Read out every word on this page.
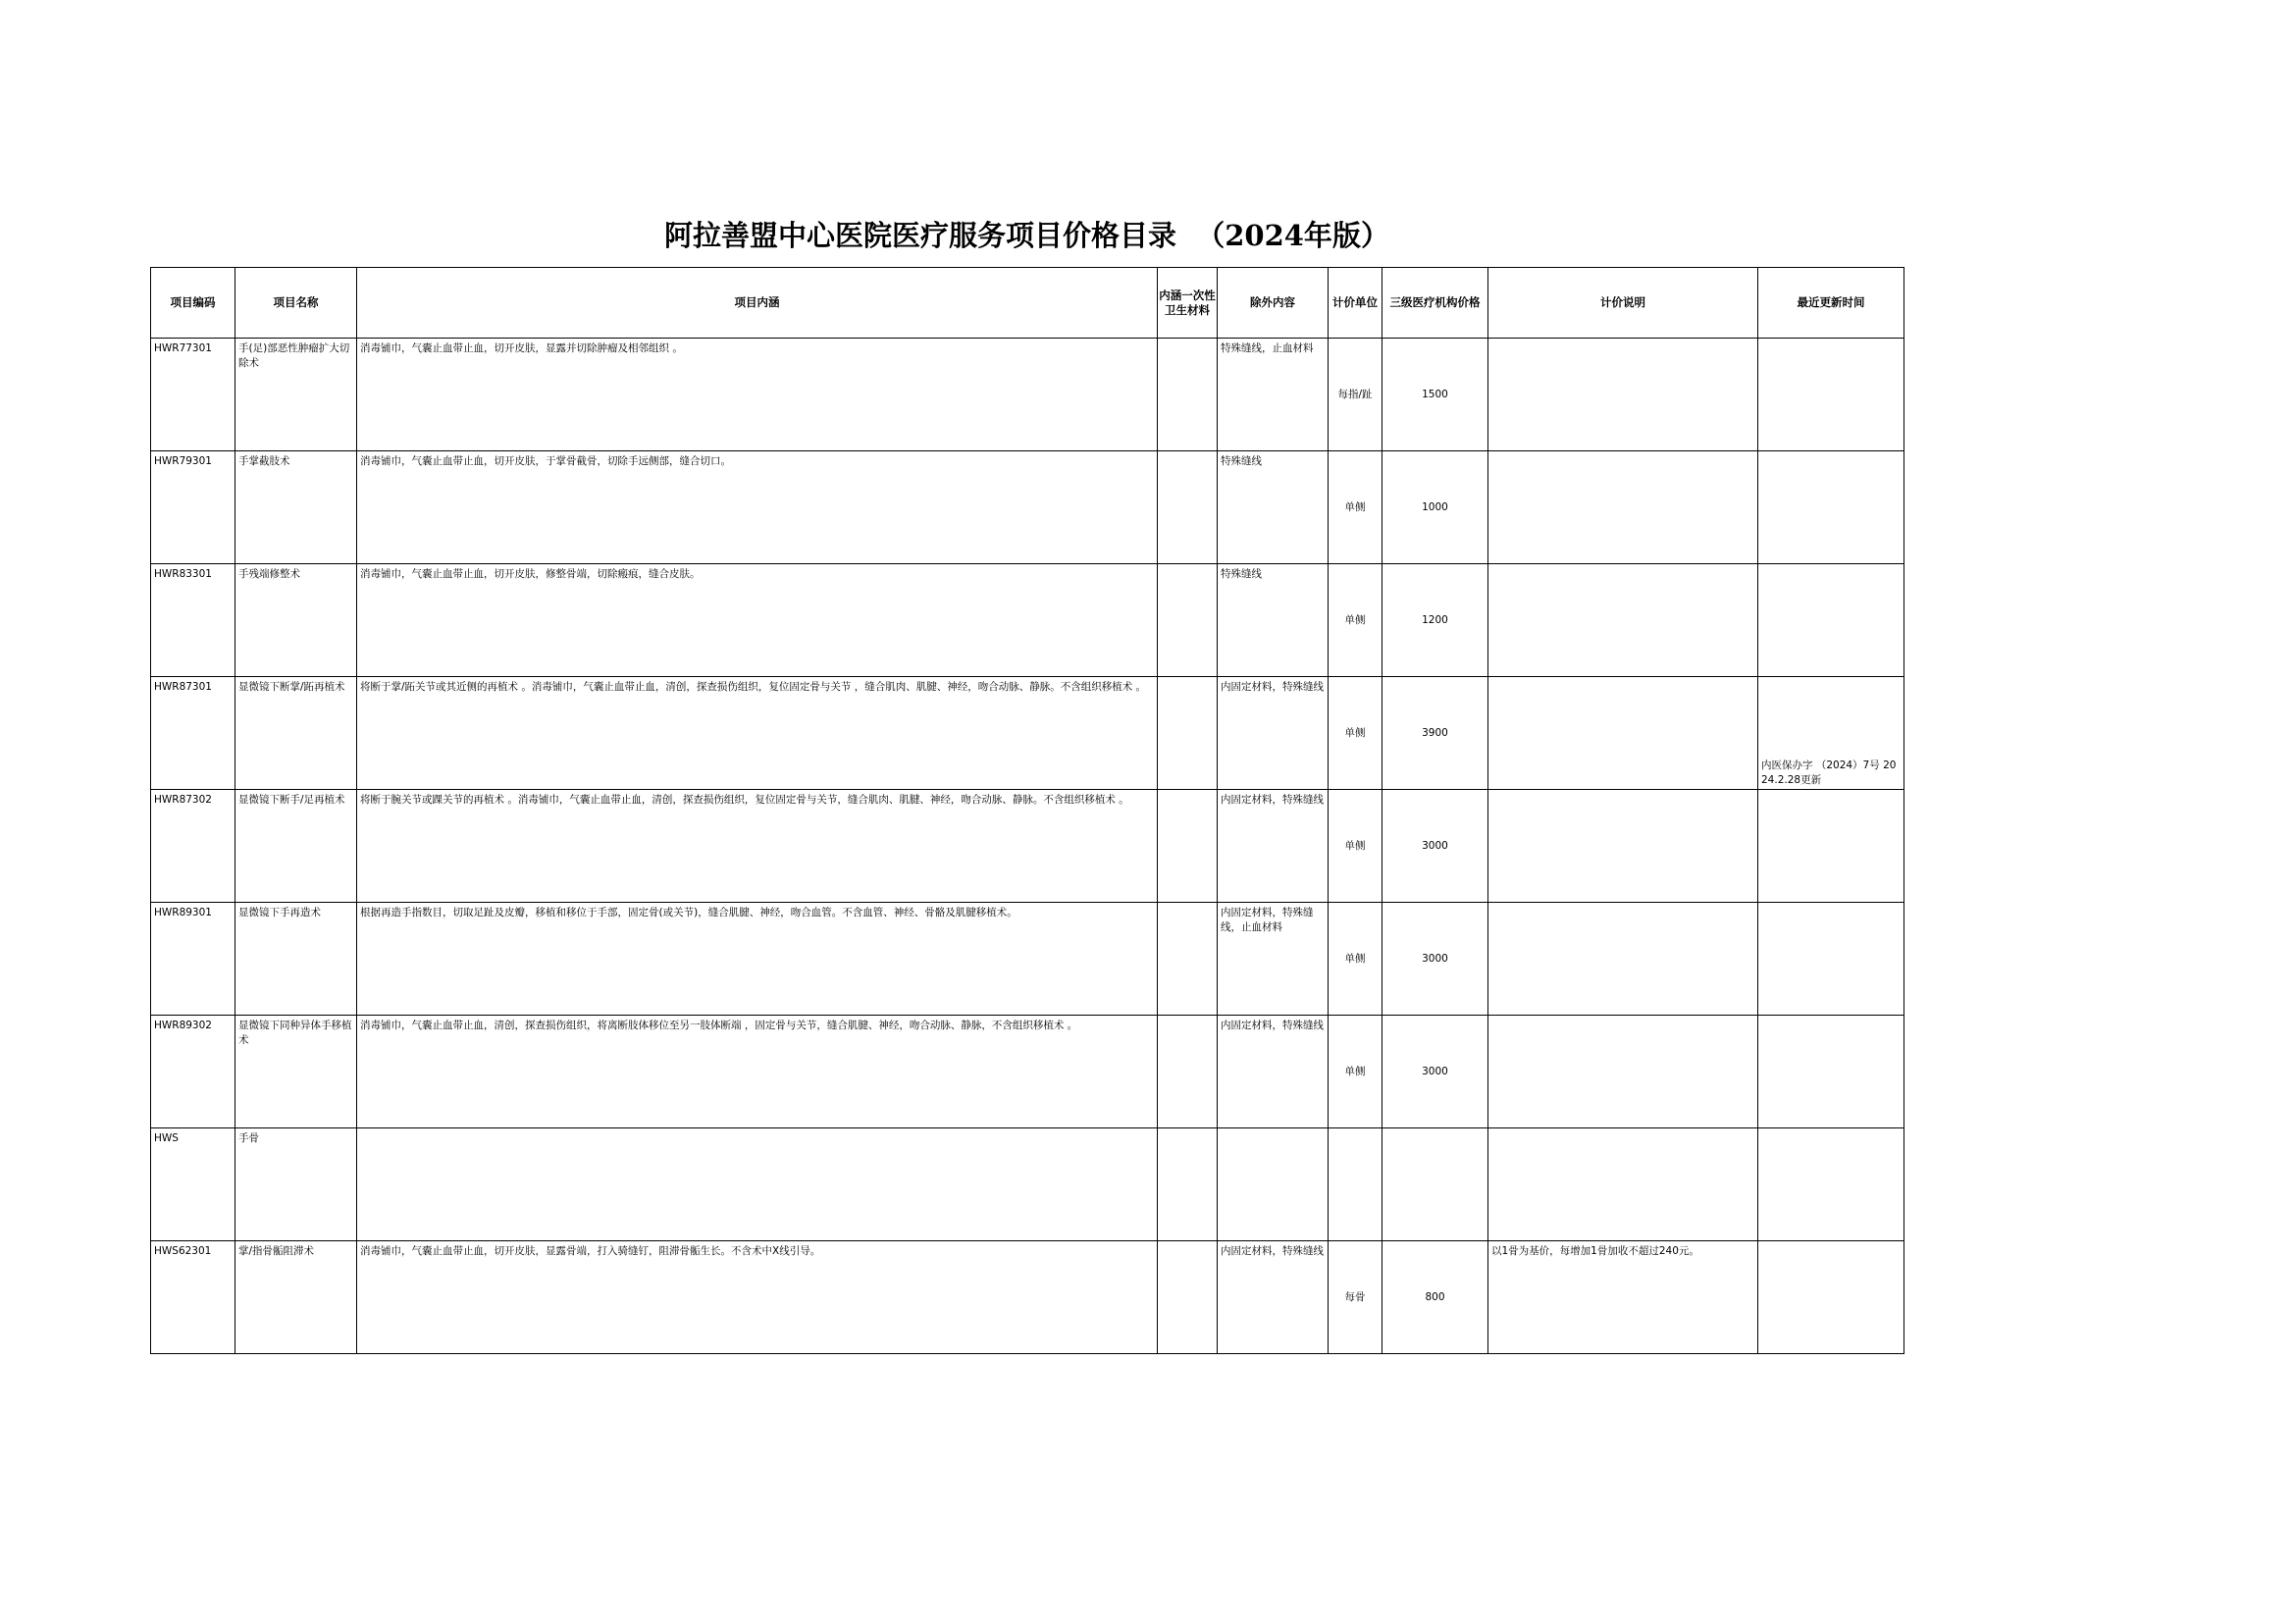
阿拉善盟中心医院医疗服务项目价格目录  （2024年版）
项目编码	项目名称	项目内涵	内涵一次性卫生材料	除外内容	计价单位	三级医疗机构价格	计价说明	最近更新时间

HWR77301	手(足)部恶性肿瘤扩大切除术	消毒铺巾，气囊止血带止血，切开皮肤，显露并切除肿瘤及相邻组织 。		特殊缝线，止血材料	每指/趾	1500		

HWR79301	手掌截肢术	消毒铺巾，气囊止血带止血，切开皮肤，于掌骨截骨，切除手远侧部，缝合切口。		特殊缝线	单侧	1000		

HWR83301	手残端修整术	消毒铺巾，气囊止血带止血，切开皮肤，修整骨端，切除瘢痕，缝合皮肤。		特殊缝线	单侧	1200		

HWR87301	显微镜下断掌/跖再植术	将断于掌/跖关节或其近侧的再植术 。消毒铺巾，气囊止血带止血，清创，探查损伤组织，复位固定骨与关节 ，缝合肌肉、肌腱、神经，吻合动脉、静脉。不含组织移植术 。		内固定材料，特殊缝线	单侧	3900		内医保办字 （2024）7号 2024.2.28更新

HWR87302	显微镜下断手/足再植术	将断于腕关节或踝关节的再植术 。消毒铺巾，气囊止血带止血，清创，探查损伤组织，复位固定骨与关节，缝合肌肉、肌腱、神经，吻合动脉、静脉。不含组织移植术 。		内固定材料，特殊缝线	单侧	3000		

HWR89301	显微镜下手再造术	根据再造手指数目，切取足趾及皮瓣，移植和移位于手部，固定骨(或关节)，缝合肌腱、神经，吻合血管。不含血管、神经、骨骼及肌腱移植术。		内固定材料，特殊缝线，止血材料	单侧	3000		

HWR89302	显微镜下同种异体手移植术	消毒铺巾，气囊止血带止血，清创，探查损伤组织，将离断肢体移位至另一肢体断端 ，固定骨与关节，缝合肌腱、神经，吻合动脉、静脉，不含组织移植术 。		内固定材料，特殊缝线	单侧	3000		

HWS	手骨							

HWS62301	掌/指骨骺阻滞术	消毒铺巾，气囊止血带止血，切开皮肤，显露骨端，打入骑缝钉，阻滞骨骺生长。不含术中X线引导。		内固定材料，特殊缝线	每骨	800	以1骨为基价，每增加1骨加收不超过240元。	
